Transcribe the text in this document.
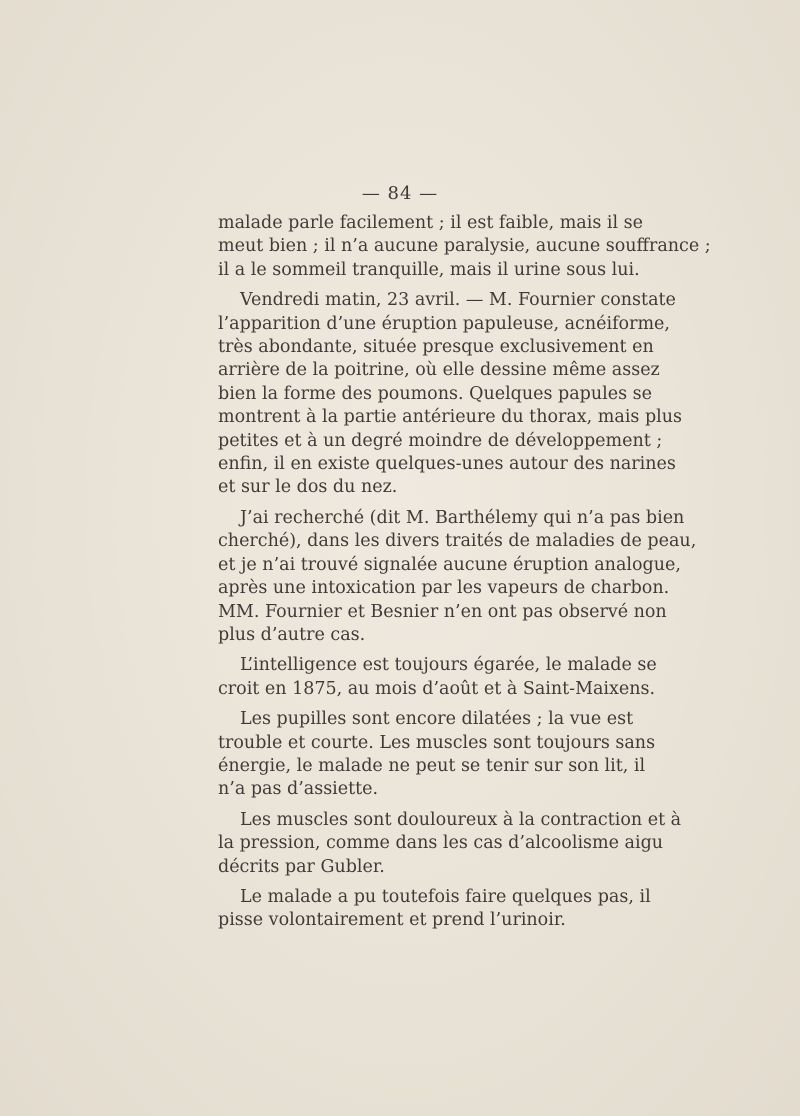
— 84 —
malade parle facilement ; il est faible, mais il se
meut bien ; il n’a aucune paralysie, aucune souffrance ;
il a le sommeil tranquille, mais il urine sous lui.
Vendredi matin, 23 avril. — M. Fournier constate
l’apparition d’une éruption papuleuse, acnéiforme,
très abondante, située presque exclusivement en
arrière de la poitrine, où elle dessine même assez
bien la forme des poumons. Quelques papules se
montrent à la partie antérieure du thorax, mais plus
petites et à un degré moindre de développement ;
enfin, il en existe quelques-unes autour des narines
et sur le dos du nez.
J’ai recherché (dit M. Barthélemy qui n’a pas bien
cherché), dans les divers traités de maladies de peau,
et je n’ai trouvé signalée aucune éruption analogue,
après une intoxication par les vapeurs de charbon.
MM. Fournier et Besnier n’en ont pas observé non
plus d’autre cas.
L’intelligence est toujours égarée, le malade se
croit en 1875, au mois d’août et à Saint-Maixens.
Les pupilles sont encore dilatées ; la vue est
trouble et courte. Les muscles sont toujours sans
énergie, le malade ne peut se tenir sur son lit, il
n’a pas d’assiette.
Les muscles sont douloureux à la contraction et à
la pression, comme dans les cas d’alcoolisme aigu
décrits par Gubler.
Le malade a pu toutefois faire quelques pas, il
pisse volontairement et prend l’urinoir.
